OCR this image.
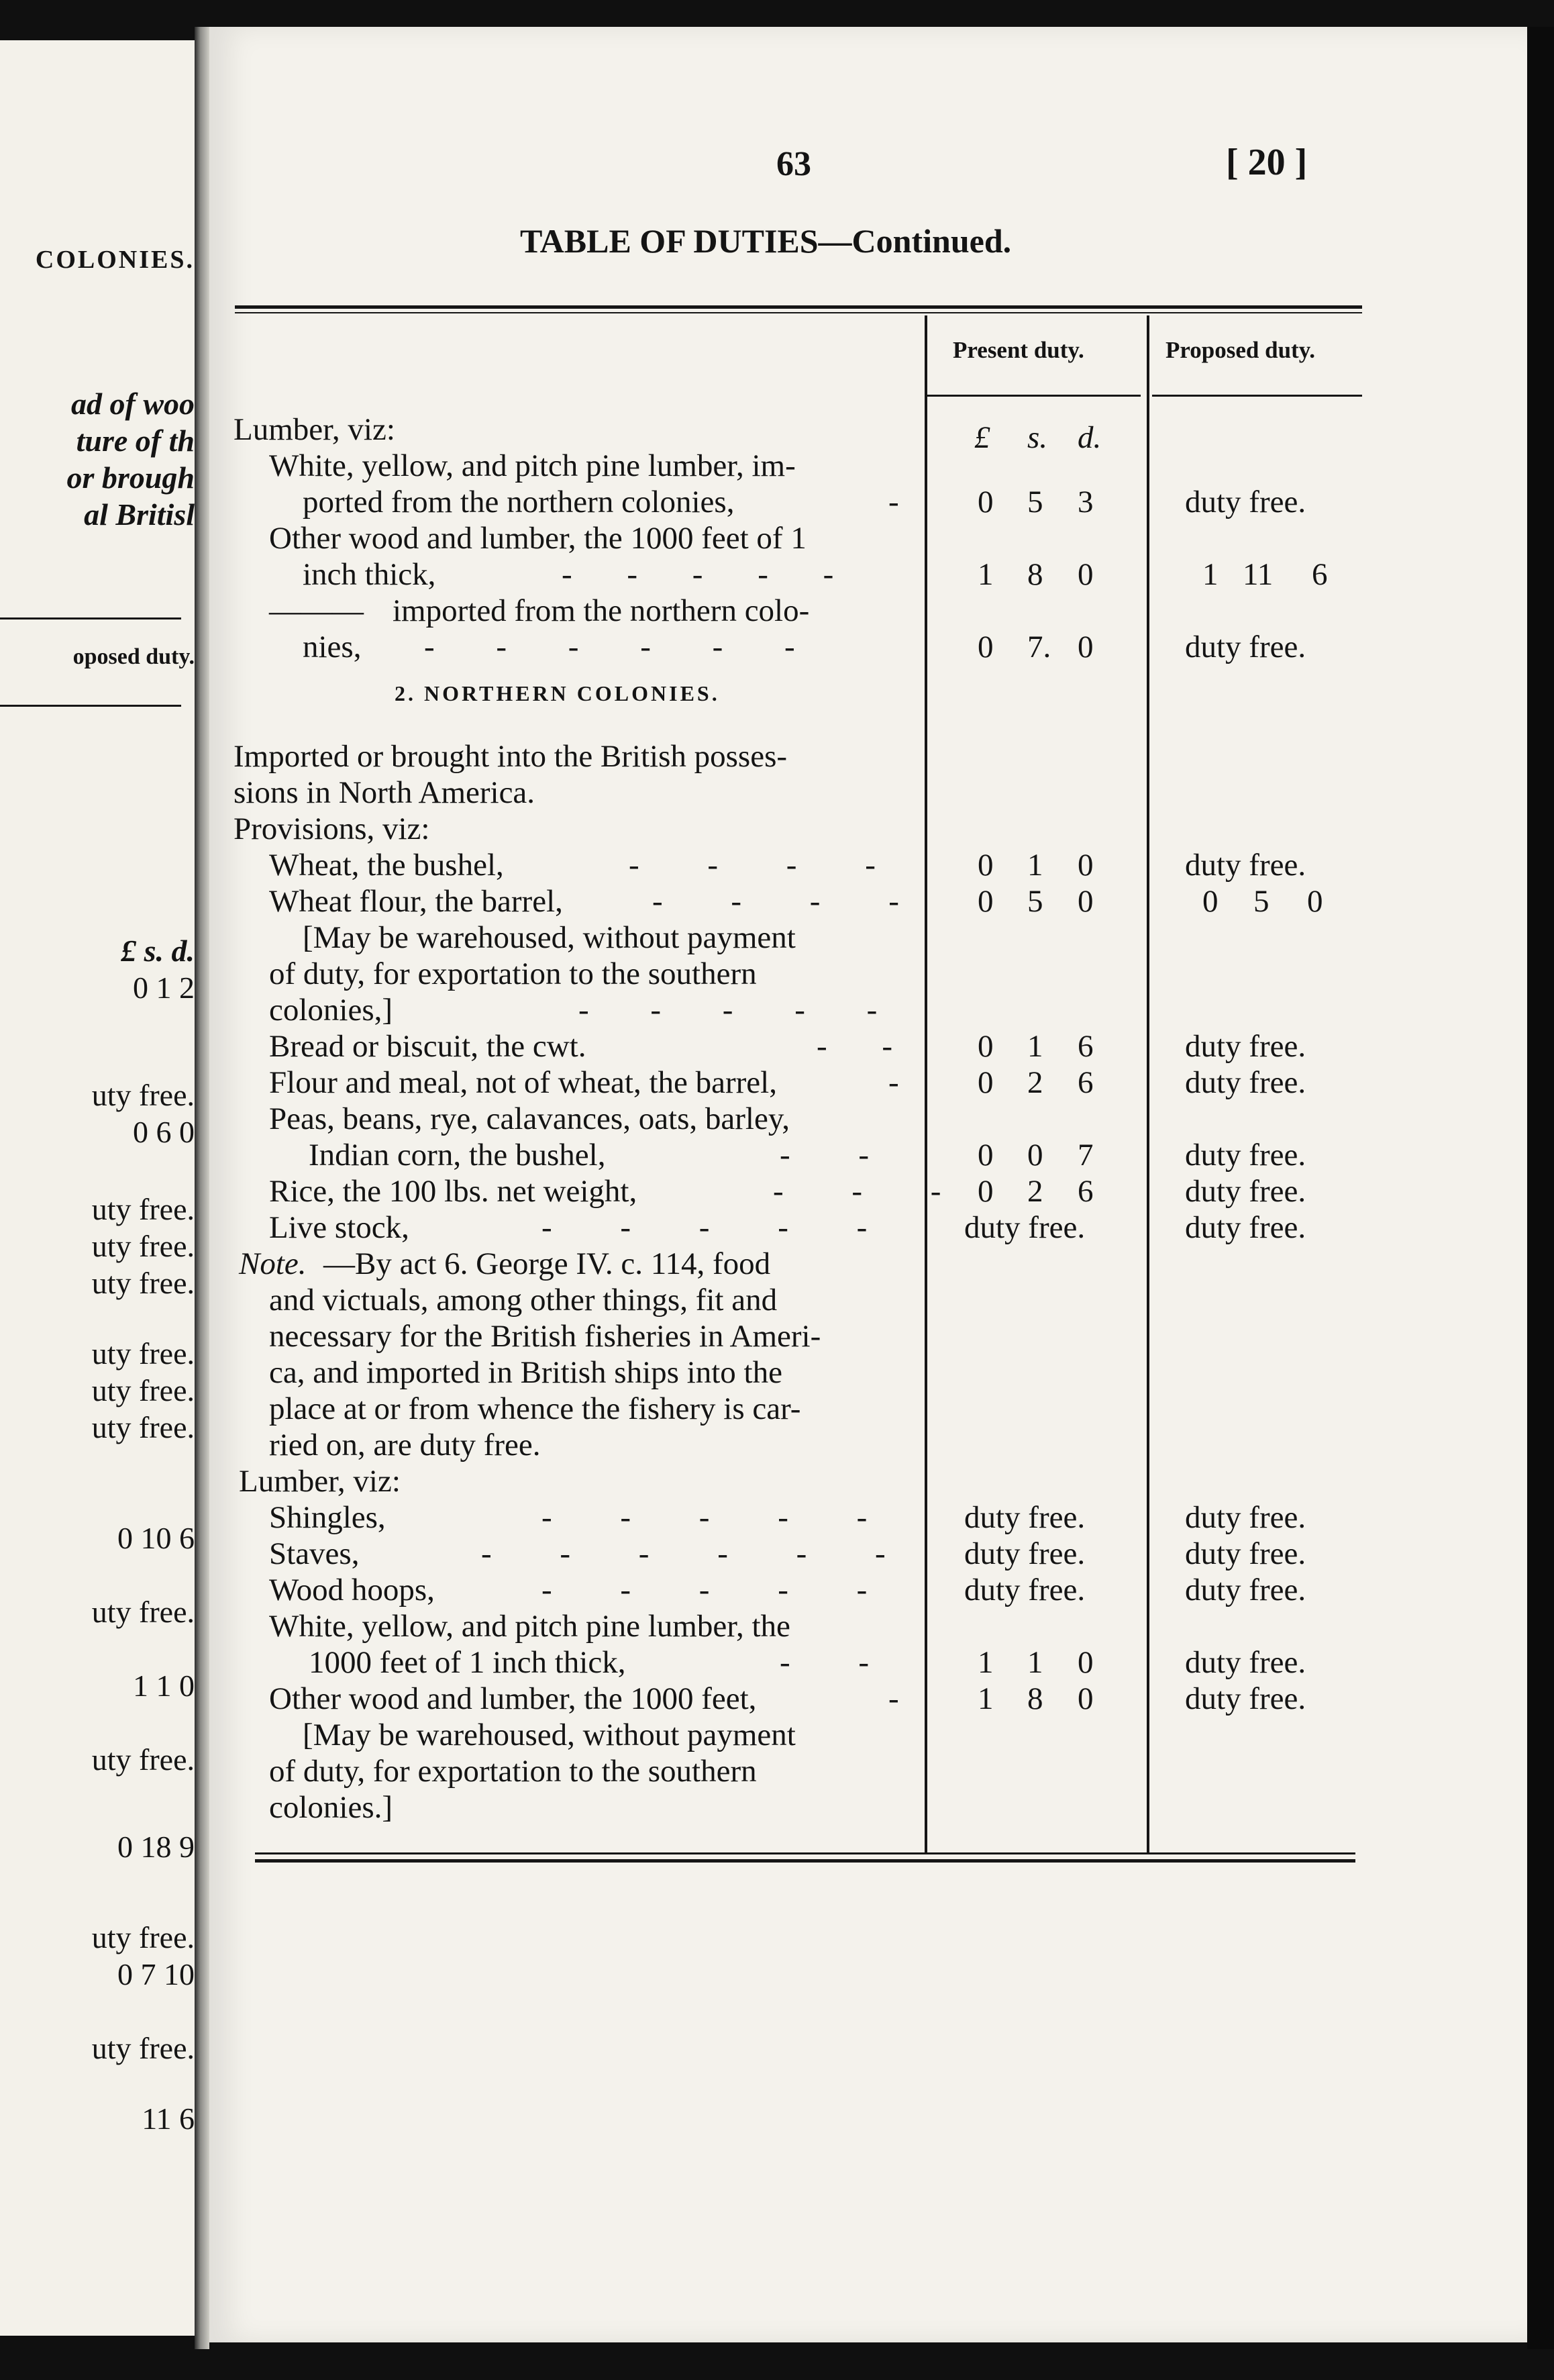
COLONIES.
ad of woo
ture of th
or brough
al Britisl
oposed duty.
£ s. d.
0 1 2
uty free.
0 6 0
uty free.
uty free.
uty free.
uty free.
uty free.
uty free.
0 10 6
uty free.
1 1 0
uty free.
0 18 9
uty free.
0 7 10
uty free.
11 6
63	[ 20 ]
TABLE OF DUTIES—Continued.
Present duty.	Proposed duty.
£ s. d.
Lumber, viz:
White, yellow, and pitch pine lumber, im-
ported from the northern colonies,	- 0 5 3	duty free.
Other wood and lumber, the 1000 feet of 1
inch thick,	- - - - -	1 8 0	1 11 6
——— imported from the northern colo-
nies, - - - - - -	0 7. 0	duty free.
2. NORTHERN COLONIES.
Imported or brought into the British posses-
sions in North America.
Provisions, viz:
Wheat, the bushel,	- - - -	0 1 0	duty free.
Wheat flour, the barrel,	- - - - 0 5 0	0 5 0
[May be warehoused, without payment
of duty, for exportation to the southern
colonies,]	- - - - -
Bread or biscuit, the cwt.	- -	0 1 6	duty free.
Flour and meal, not of wheat, the barrel,	- 0 2 6	duty free.
Peas, beans, rye, calavances, oats, barley,
Indian corn, the bushel,	- -	0 0 7	duty free.
Rice, the 100 lbs. net weight,	- - - 0 2 6	duty free.
Live stock,	- - - - -	duty free.	duty free.
Note. —By act 6. George IV. c. 114, food
and victuals, among other things, fit and
necessary for the British fisheries in Ameri-
ca, and imported in British ships into the
place at or from whence the fishery is car-
ried on, are duty free.
Lumber, viz:
Shingles,	- - - - -	duty free.	duty free.
Staves,	- - - - - - duty free.	duty free.
Wood hoops,	- - - - -	duty free.	duty free.
White, yellow, and pitch pine lumber, the
1000 feet of 1 inch thick,	- -	1 1 0	duty free.
Other wood and lumber, the 1000 feet,	- 1 8 0	duty free.
[May be warehoused, without payment
of duty, for exportation to the southern
colonies.]
